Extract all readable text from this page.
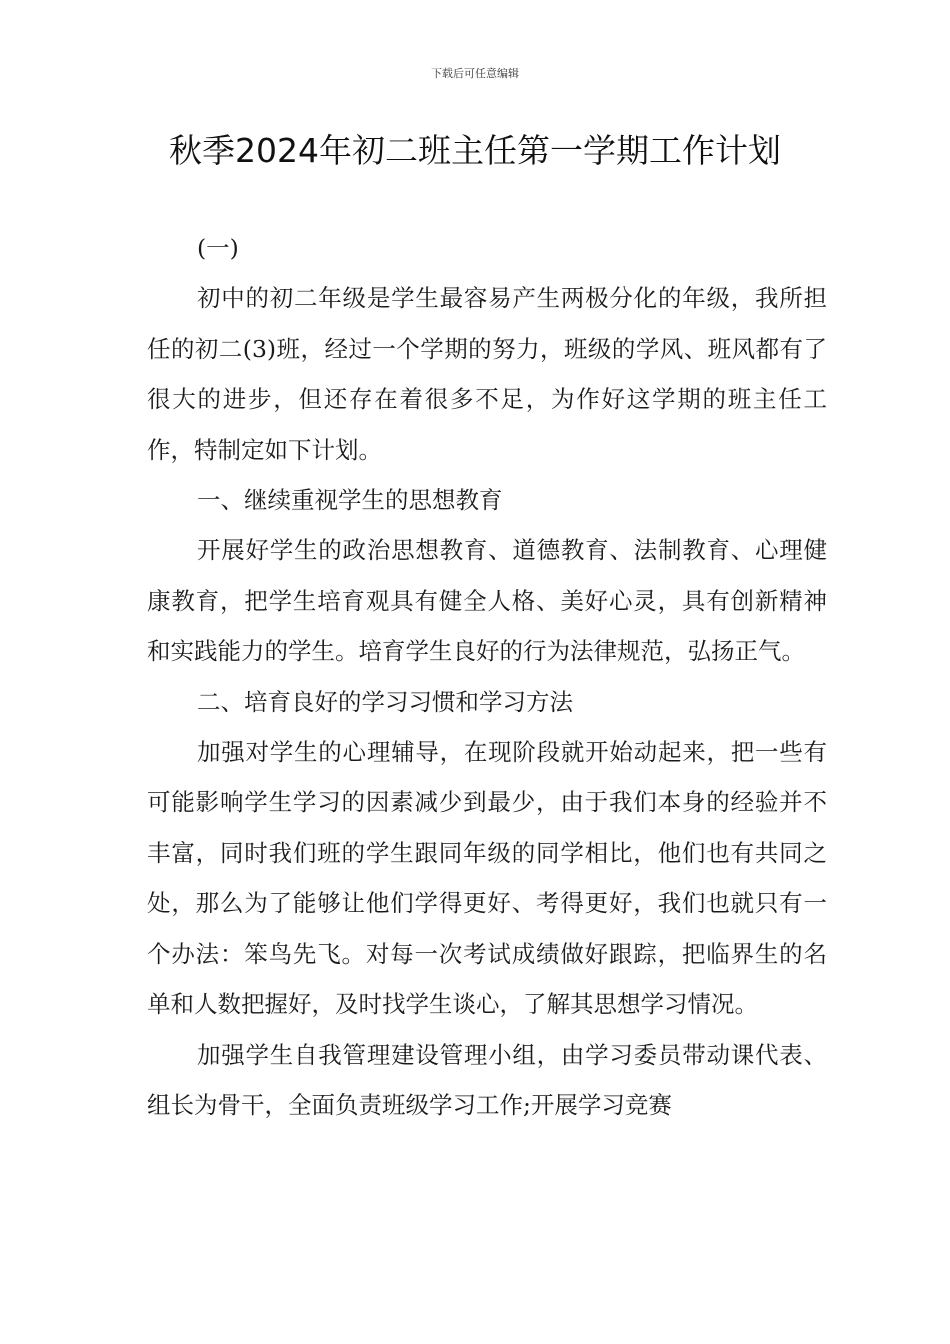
下载后可任意编辑
秋季2024年初二班主任第一学期工作计划

(一)

初中的初二年级是学生最容易产生两极分化的年级，我所担任的初二(3)班，经过一个学期的努力，班级的学风、班风都有了很大的进步，但还存在着很多不足，为作好这学期的班主任工作，特制定如下计划。

一、继续重视学生的思想教育

开展好学生的政治思想教育、道德教育、法制教育、心理健康教育，把学生培育观具有健全人格、美好心灵，具有创新精神和实践能力的学生。培育学生良好的行为法律规范，弘扬正气。

二、培育良好的学习习惯和学习方法

加强对学生的心理辅导，在现阶段就开始动起来，把一些有可能影响学生学习的因素减少到最少，由于我们本身的经验并不丰富，同时我们班的学生跟同年级的同学相比，他们也有共同之处，那么为了能够让他们学得更好、考得更好，我们也就只有一个办法：笨鸟先飞。对每一次考试成绩做好跟踪，把临界生的名单和人数把握好，及时找学生谈心，了解其思想学习情况。

加强学生自我管理建设管理小组，由学习委员带动课代表、组长为骨干，全面负责班级学习工作;开展学习竞赛
